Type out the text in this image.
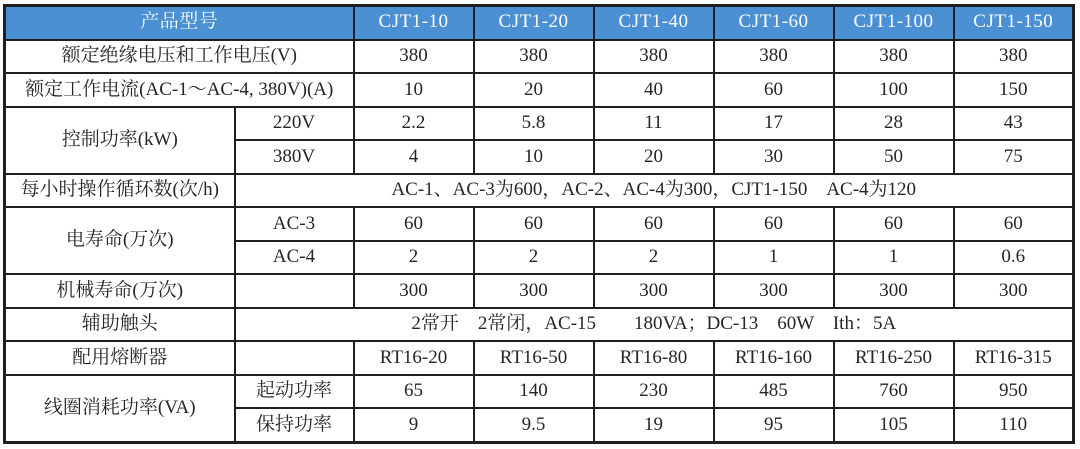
产品型号		CJT1-10	CJT1-20	CJT1-40	CJT1-60	CJT1-100	CJT1-150
额定绝缘电压和工作电压(V)		380	380	380	380	380	380
额定工作电流(AC-1～AC-4, 380V)(A)		10	20	40	60	100	150
控制功率(kW)	220V	2.2	5.8	11	17	28	43
	380V	4	10	20	30	50	75
每小时操作循环数(次/h)	AC-1、AC-3为600，AC-2、AC-4为300，CJT1-150　AC-4为120						
电寿命(万次)	AC-3	60	60	60	60	60	60
	AC-4	2	2	2	1	1	0.6
机械寿命(万次)		300	300	300	300	300	300
辅助触头	2常开　2常闭，AC-15　　180VA；DC-13　60W　Ith：5A						
配用熔断器		RT16-20	RT16-50	RT16-80	RT16-160	RT16-250	RT16-315
线圈消耗功率(VA)	起动功率	65	140	230	485	760	950
	保持功率	9	9.5	19	95	105	110
